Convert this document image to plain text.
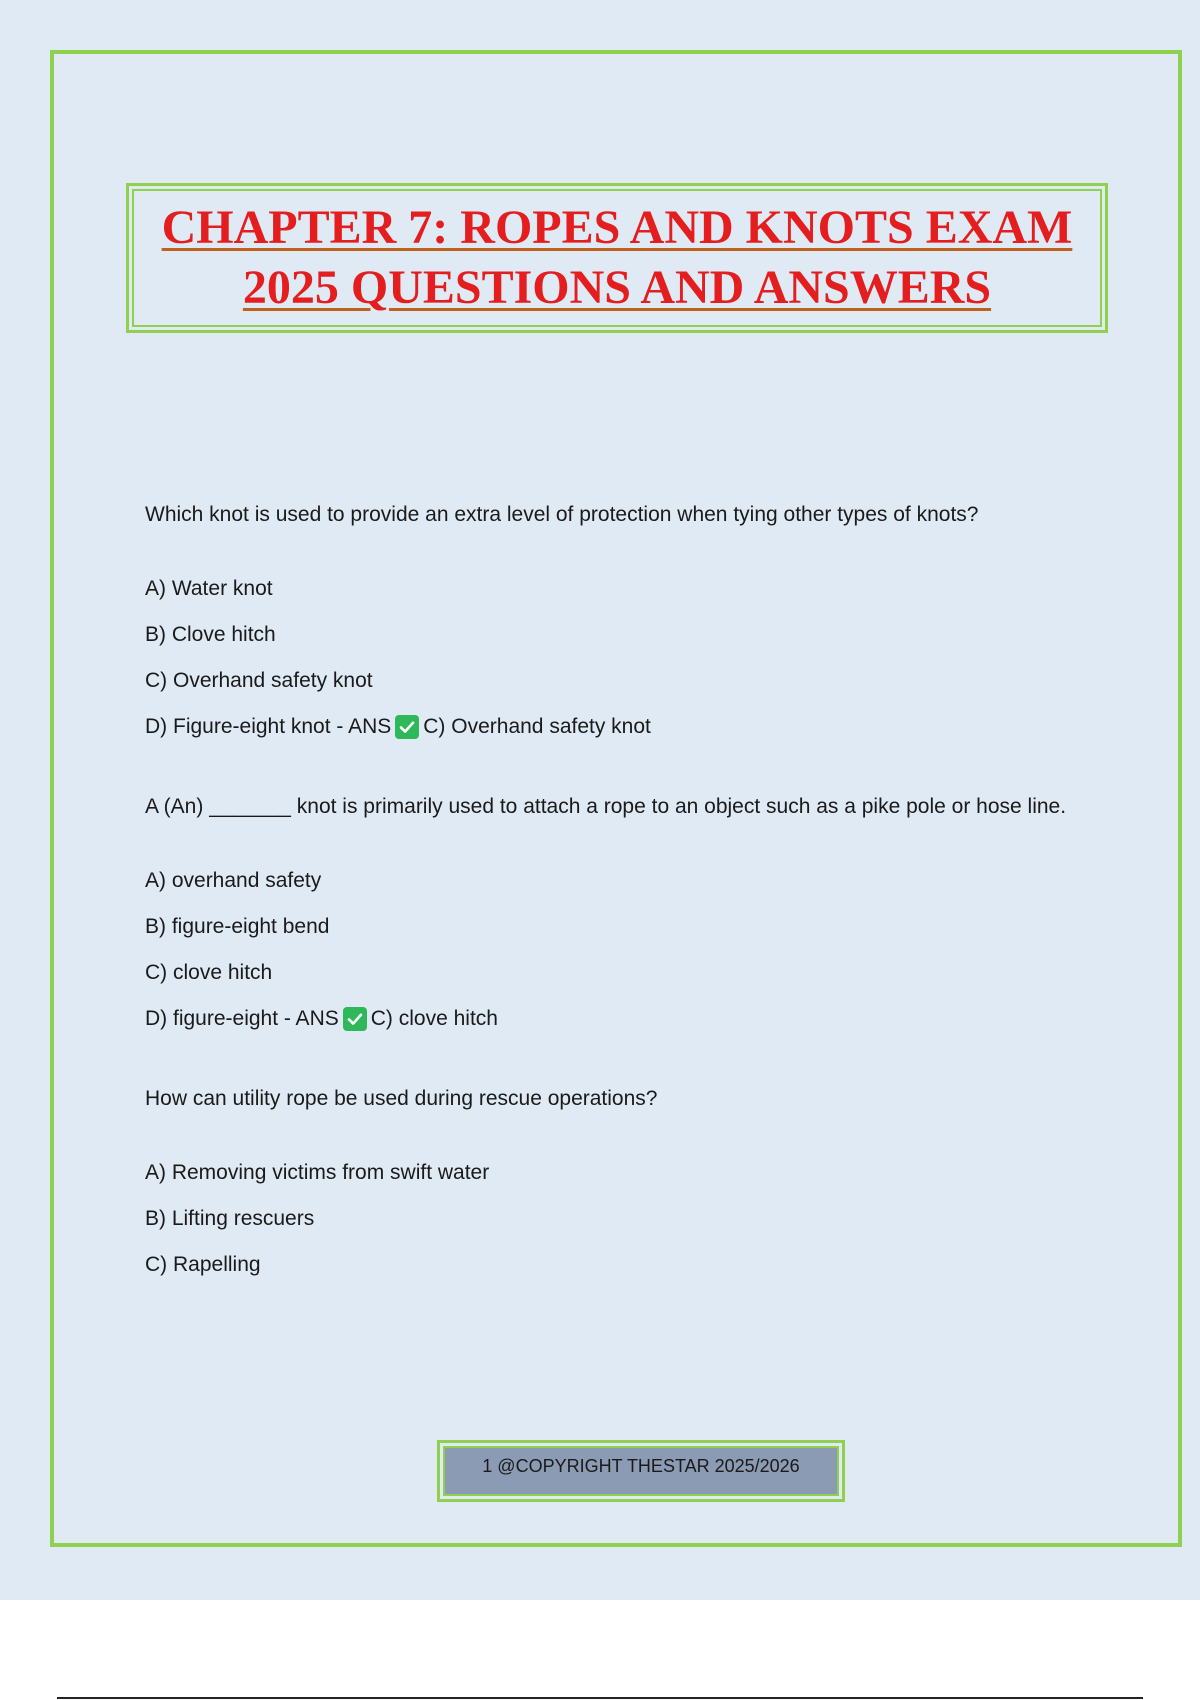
CHAPTER 7: ROPES AND KNOTS EXAM
2025 QUESTIONS AND ANSWERS

Which knot is used to provide an extra level of protection when tying other types of knots?

A) Water knot
B) Clove hitch
C) Overhand safety knot
D) Figure-eight knot - ANS C) Overhand safety knot

A (An) _______ knot is primarily used to attach a rope to an object such as a pike pole or hose line.

A) overhand safety
B) figure-eight bend
C) clove hitch
D) figure-eight - ANS C) clove hitch

How can utility rope be used during rescue operations?

A) Removing victims from swift water
B) Lifting rescuers
C) Rapelling
1 @COPYRIGHT THESTAR 2025/2026
